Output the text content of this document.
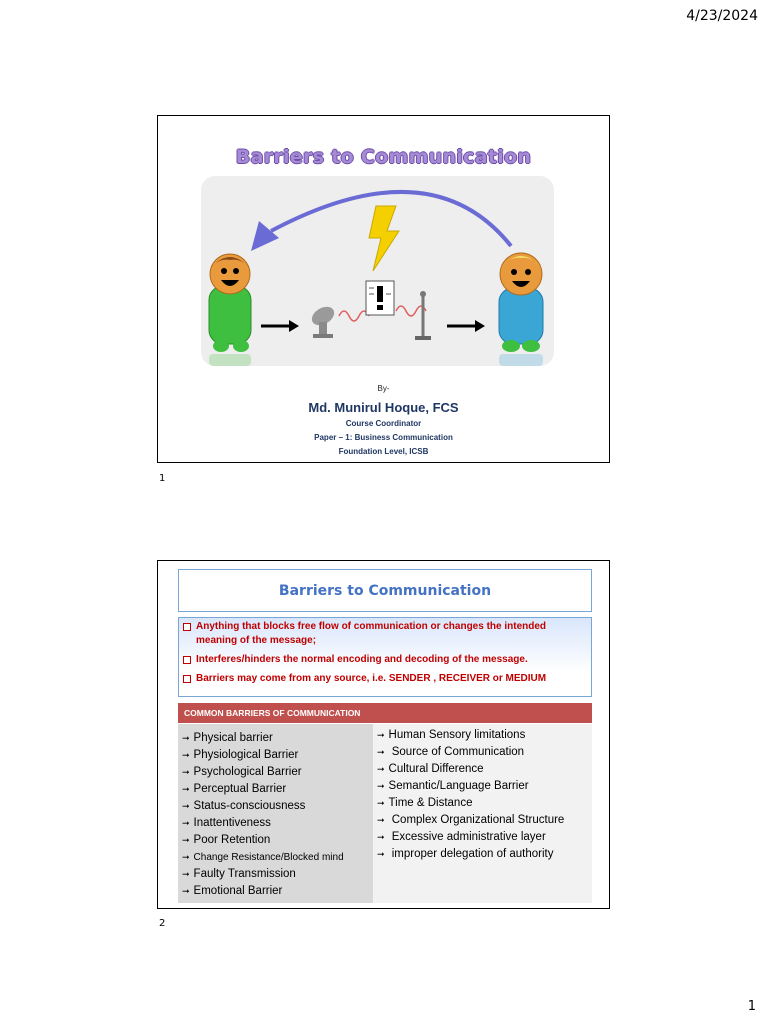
4/23/2024
Barriers to Communication
By-
Md. Munirul Hoque, FCS
Course Coordinator
Paper – 1: Business Communication
Foundation Level, ICSB
1
Barriers to Communication
Anything that blocks free flow of communication or changes the intended meaning of the message;
Interferes/hinders the normal encoding and decoding of the message.
Barriers may come from any source, i.e. SENDER , RECEIVER or MEDIUM
COMMON BARRIERS OF COMMUNICATION
➞ Physical barrier
➞ Physiological Barrier
➞ Psychological Barrier
➞ Perceptual Barrier
➞ Status-consciousness
➞ Inattentiveness
➞ Poor Retention
➞ Change Resistance/Blocked mind
➞ Faulty Transmission
➞ Emotional Barrier
➞ Human Sensory limitations
➞ Source of Communication
➞ Cultural Difference
➞ Semantic/Language Barrier
➞ Time & Distance
➞ Complex Organizational Structure
➞ Excessive administrative layer
➞ improper delegation of authority
2
1
